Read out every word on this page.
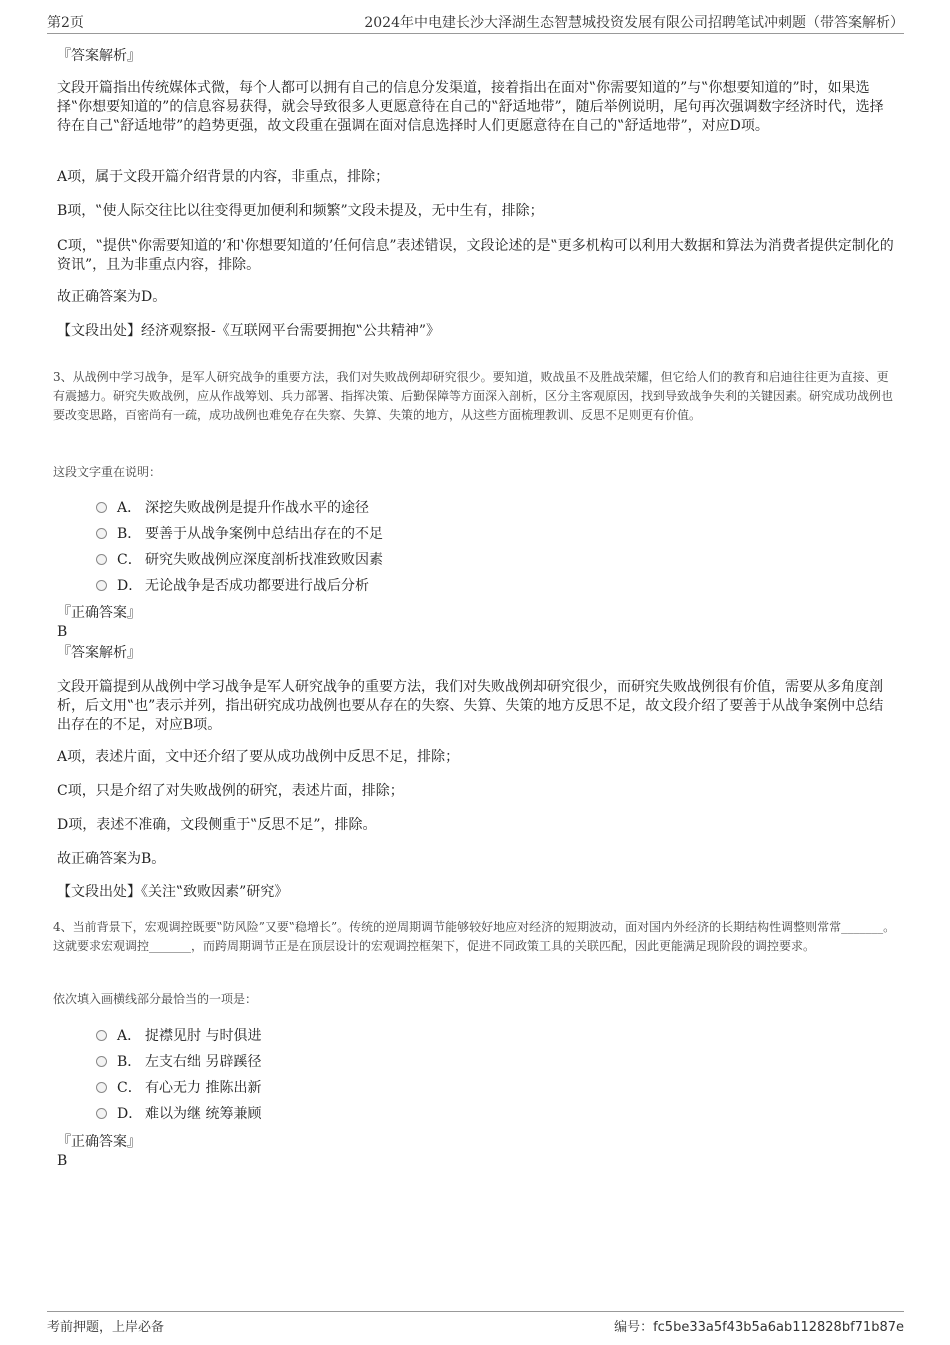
第2页	2024年中电建长沙大泽湖生态智慧城投资发展有限公司招聘笔试冲刺题（带答案解析）
『答案解析』
文段开篇指出传统媒体式微，每个人都可以拥有自己的信息分发渠道，接着指出在面对‟你需要知道的”与‟你想要知道的”时，如果选择‟你想要知道的”的信息容易获得，就会导致很多人更愿意待在自己的‟舒适地带”，随后举例说明，尾句再次强调数字经济时代，选择待在自己‟舒适地带”的趋势更强，故文段重在强调在面对信息选择时人们更愿意待在自己的‟舒适地带”，对应D项。
A项，属于文段开篇介绍背景的内容，非重点，排除；
B项，‟使人际交往比以往变得更加便利和频繁”文段未提及，无中生有，排除；
C项，‟提供‟你需要知道的’和‛你想要知道的’任何信息”表述错误，文段论述的是‟更多机构可以利用大数据和算法为消费者提供定制化的资讯”，且为非重点内容，排除。
故正确答案为D。
【文段出处】经济观察报-《互联网平台需要拥抱‟公共精神”》
3、从战例中学习战争，是军人研究战争的重要方法，我们对失败战例却研究很少。要知道，败战虽不及胜战荣耀，但它给人们的教育和启迪往往更为直接、更有震撼力。研究失败战例，应从作战筹划、兵力部署、指挥决策、后勤保障等方面深入剖析，区分主客观原因，找到导致战争失利的关键因素。研究成功战例也要改变思路，百密尚有一疏，成功战例也难免存在失察、失算、失策的地方，从这些方面梳理教训、反思不足则更有价值。
这段文字重在说明：
A． 深挖失败战例是提升作战水平的途径
B． 要善于从战争案例中总结出存在的不足
C． 研究失败战例应深度剖析找准致败因素
D． 无论战争是否成功都要进行战后分析
『正确答案』
B
『答案解析』
文段开篇提到从战例中学习战争是军人研究战争的重要方法，我们对失败战例却研究很少，而研究失败战例很有价值，需要从多角度剖析，后文用‟也”表示并列，指出研究成功战例也要从存在的失察、失算、失策的地方反思不足，故文段介绍了要善于从战争案例中总结出存在的不足，对应B项。
A项，表述片面，文中还介绍了要从成功战例中反思不足，排除；
C项，只是介绍了对失败战例的研究，表述片面，排除；
D项，表述不准确，文段侧重于‟反思不足”，排除。
故正确答案为B。
【文段出处】《关注‟致败因素”研究》
4、当前背景下，宏观调控既要‟防风险”又要‟稳增长”。传统的逆周期调节能够较好地应对经济的短期波动，面对国内外经济的长期结构性调整则常常_______。这就要求宏观调控_______，而跨周期调节正是在顶层设计的宏观调控框架下，促进不同政策工具的关联匹配，因此更能满足现阶段的调控要求。
依次填入画横线部分最恰当的一项是：
A． 捉襟见肘 与时俱进
B． 左支右绌 另辟蹊径
C． 有心无力 推陈出新
D． 难以为继 统筹兼顾
『正确答案』
B
考前押题，上岸必备	编号：fc5be33a5f43b5a6ab112828bf71b87e
